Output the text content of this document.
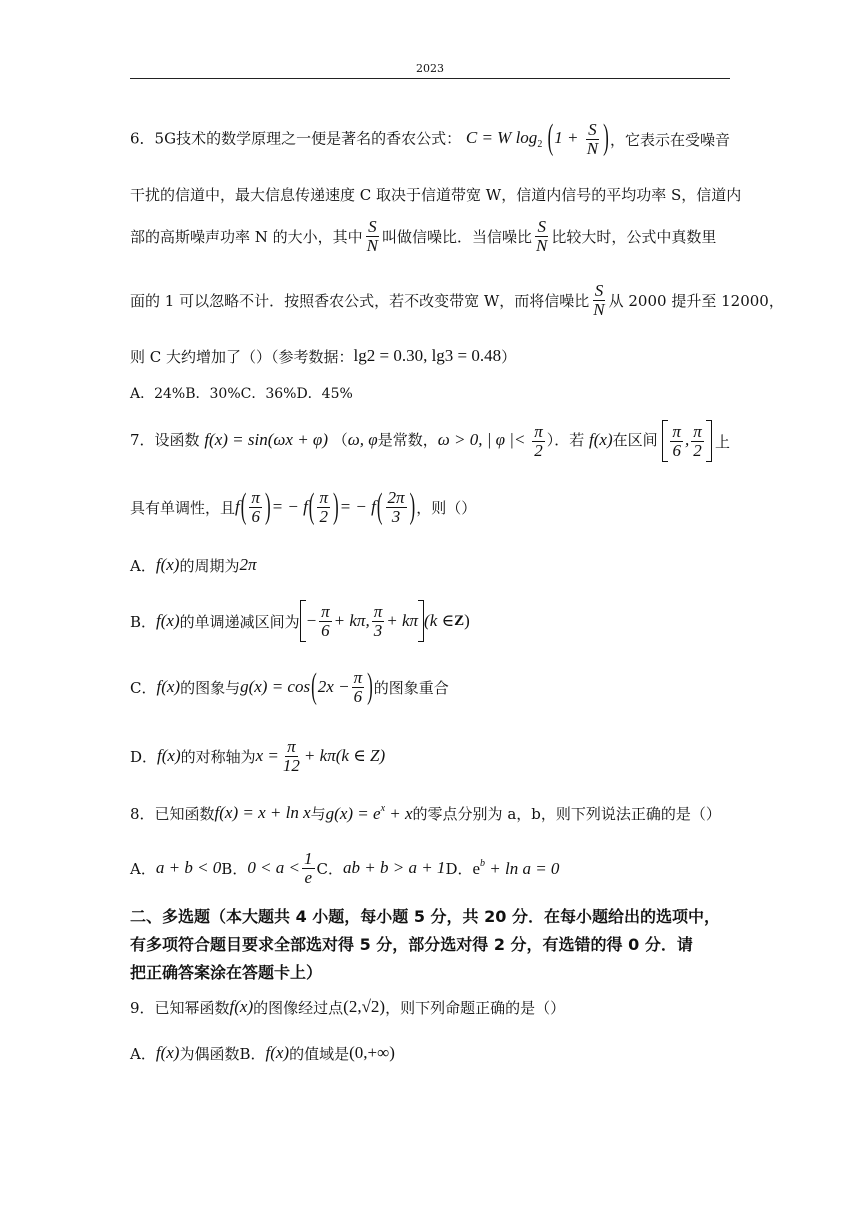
2023
6．5G技术的数学原理之一便是著名的香农公式： C = W $\log_2 (1 + \frac{S}{N}$ ) ，它表示在受噪音
干扰的信道中，最大信息传递速度 C 取决于信道带宽 W，信道内信号的平均功率 S，信道内
部的高斯噪声功率 N 的大小，其中 $\frac{S}{N}$ 叫做信噪比．当信噪比 $\frac{S}{N}$ 比较大时，公式中真数里
面的 1 可以忽略不计．按照香农公式，若不改变带宽 W，而将信噪比 $\frac{S}{N}$ 从 2000 提升至 12000，
则 C 大约增加了（）（参考数据： lg2 = 0.30, lg3 = 0.48 ）
A．24%B．30%C．36%D．45%
7．设函数 f(x) = sin(ωx + φ) （ω, φ是常数，ω > 0, | φ |< $\frac{\pi}{2}$ ）．若 f(x)在区间 $\frac{\pi}{6}$ , $\frac{\pi}{2}$ 上
具有单调性，且 f ( $\frac{\pi}{6}$ ) = − f ( $\frac{\pi}{2}$ ) = − f ( $\frac{2\pi}{3}$ ) ，则（）
A． f(x) 的周期为 2π
B． f(x) 的单调递减区间为 − $\frac{\pi}{6} + k\pi$, $\frac{\pi}{3} + k\pi$ (k ∈ Z )
C． f(x) 的图象与 g(x) = cos ( $2x - \frac{\pi}{6}$ ) 的图象重合
D． f(x) 的对称轴为 $x = \frac{\pi}{12} + k\pi(k$ ∈ Z)
8．已知函数 f(x) = x + ln x 与 $g(x) = e^x + x$ 的零点分别为 a，b，则下列说法正确的是（）
A． a + b < 0 B． $0 < a < \frac{1}{e}$ C． ab + b > a + 1 D． $e^b + \ln a = 0$
二、多选题（本大题共 4 小题，每小题 5 分，共 20 分．在每小题给出的选项中，
有多项符合题目要求全部选对得 5 分，部分选对得 2 分，有选错的得 0 分．请
把正确答案涂在答题卡上）
9．已知幂函数 f(x) 的图像经过点 (2,√2) ，则下列命题正确的是（）
A． f(x) 为偶函数 B． f(x) 的值域是 (0,+∞)
